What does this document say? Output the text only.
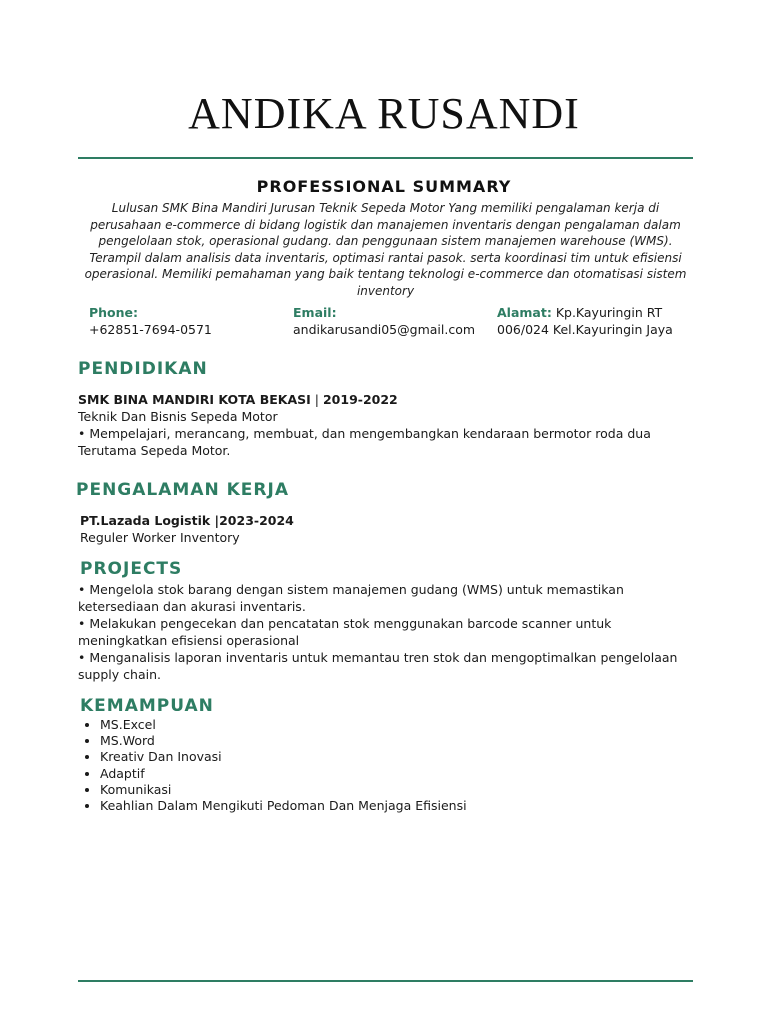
ANDIKA RUSANDI
PROFESSIONAL SUMMARY
Lulusan SMK Bina Mandiri Jurusan Teknik Sepeda Motor Yang memiliki pengalaman kerja di perusahaan e-commerce di bidang logistik dan manajemen inventaris dengan pengalaman dalam pengelolaan stok, operasional gudang. dan penggunaan sistem manajemen warehouse (WMS). Terampil dalam analisis data inventaris, optimasi rantai pasok. serta koordinasi tim untuk efisiensi operasional. Memiliki pemahaman yang baik tentang teknologi e-commerce dan otomatisasi sistem inventory
Phone:
+62851-7694-0571
Email:
andikarusandi05@gmail.com
Alamat: Kp.Kayuringin RT
006/024 Kel.Kayuringin Jaya
PENDIDIKAN
SMK BINA MANDIRI KOTA BEKASI | 2019-2022
Teknik Dan Bisnis Sepeda Motor
• Mempelajari, merancang, membuat, dan mengembangkan kendaraan bermotor roda dua Terutama Sepeda Motor.
PENGALAMAN KERJA
PT.Lazada Logistik |2023-2024
Reguler Worker Inventory
PROJECTS
• Mengelola stok barang dengan sistem manajemen gudang (WMS) untuk memastikan ketersediaan dan akurasi inventaris.
• Melakukan pengecekan dan pencatatan stok menggunakan barcode scanner untuk meningkatkan efisiensi operasional
• Menganalisis laporan inventaris untuk memantau tren stok dan mengoptimalkan pengelolaan supply chain.
KEMAMPUAN
• MS.Excel
• MS.Word
• Kreativ Dan Inovasi
• Adaptif
• Komunikasi
• Keahlian Dalam Mengikuti Pedoman Dan Menjaga Efisiensi
